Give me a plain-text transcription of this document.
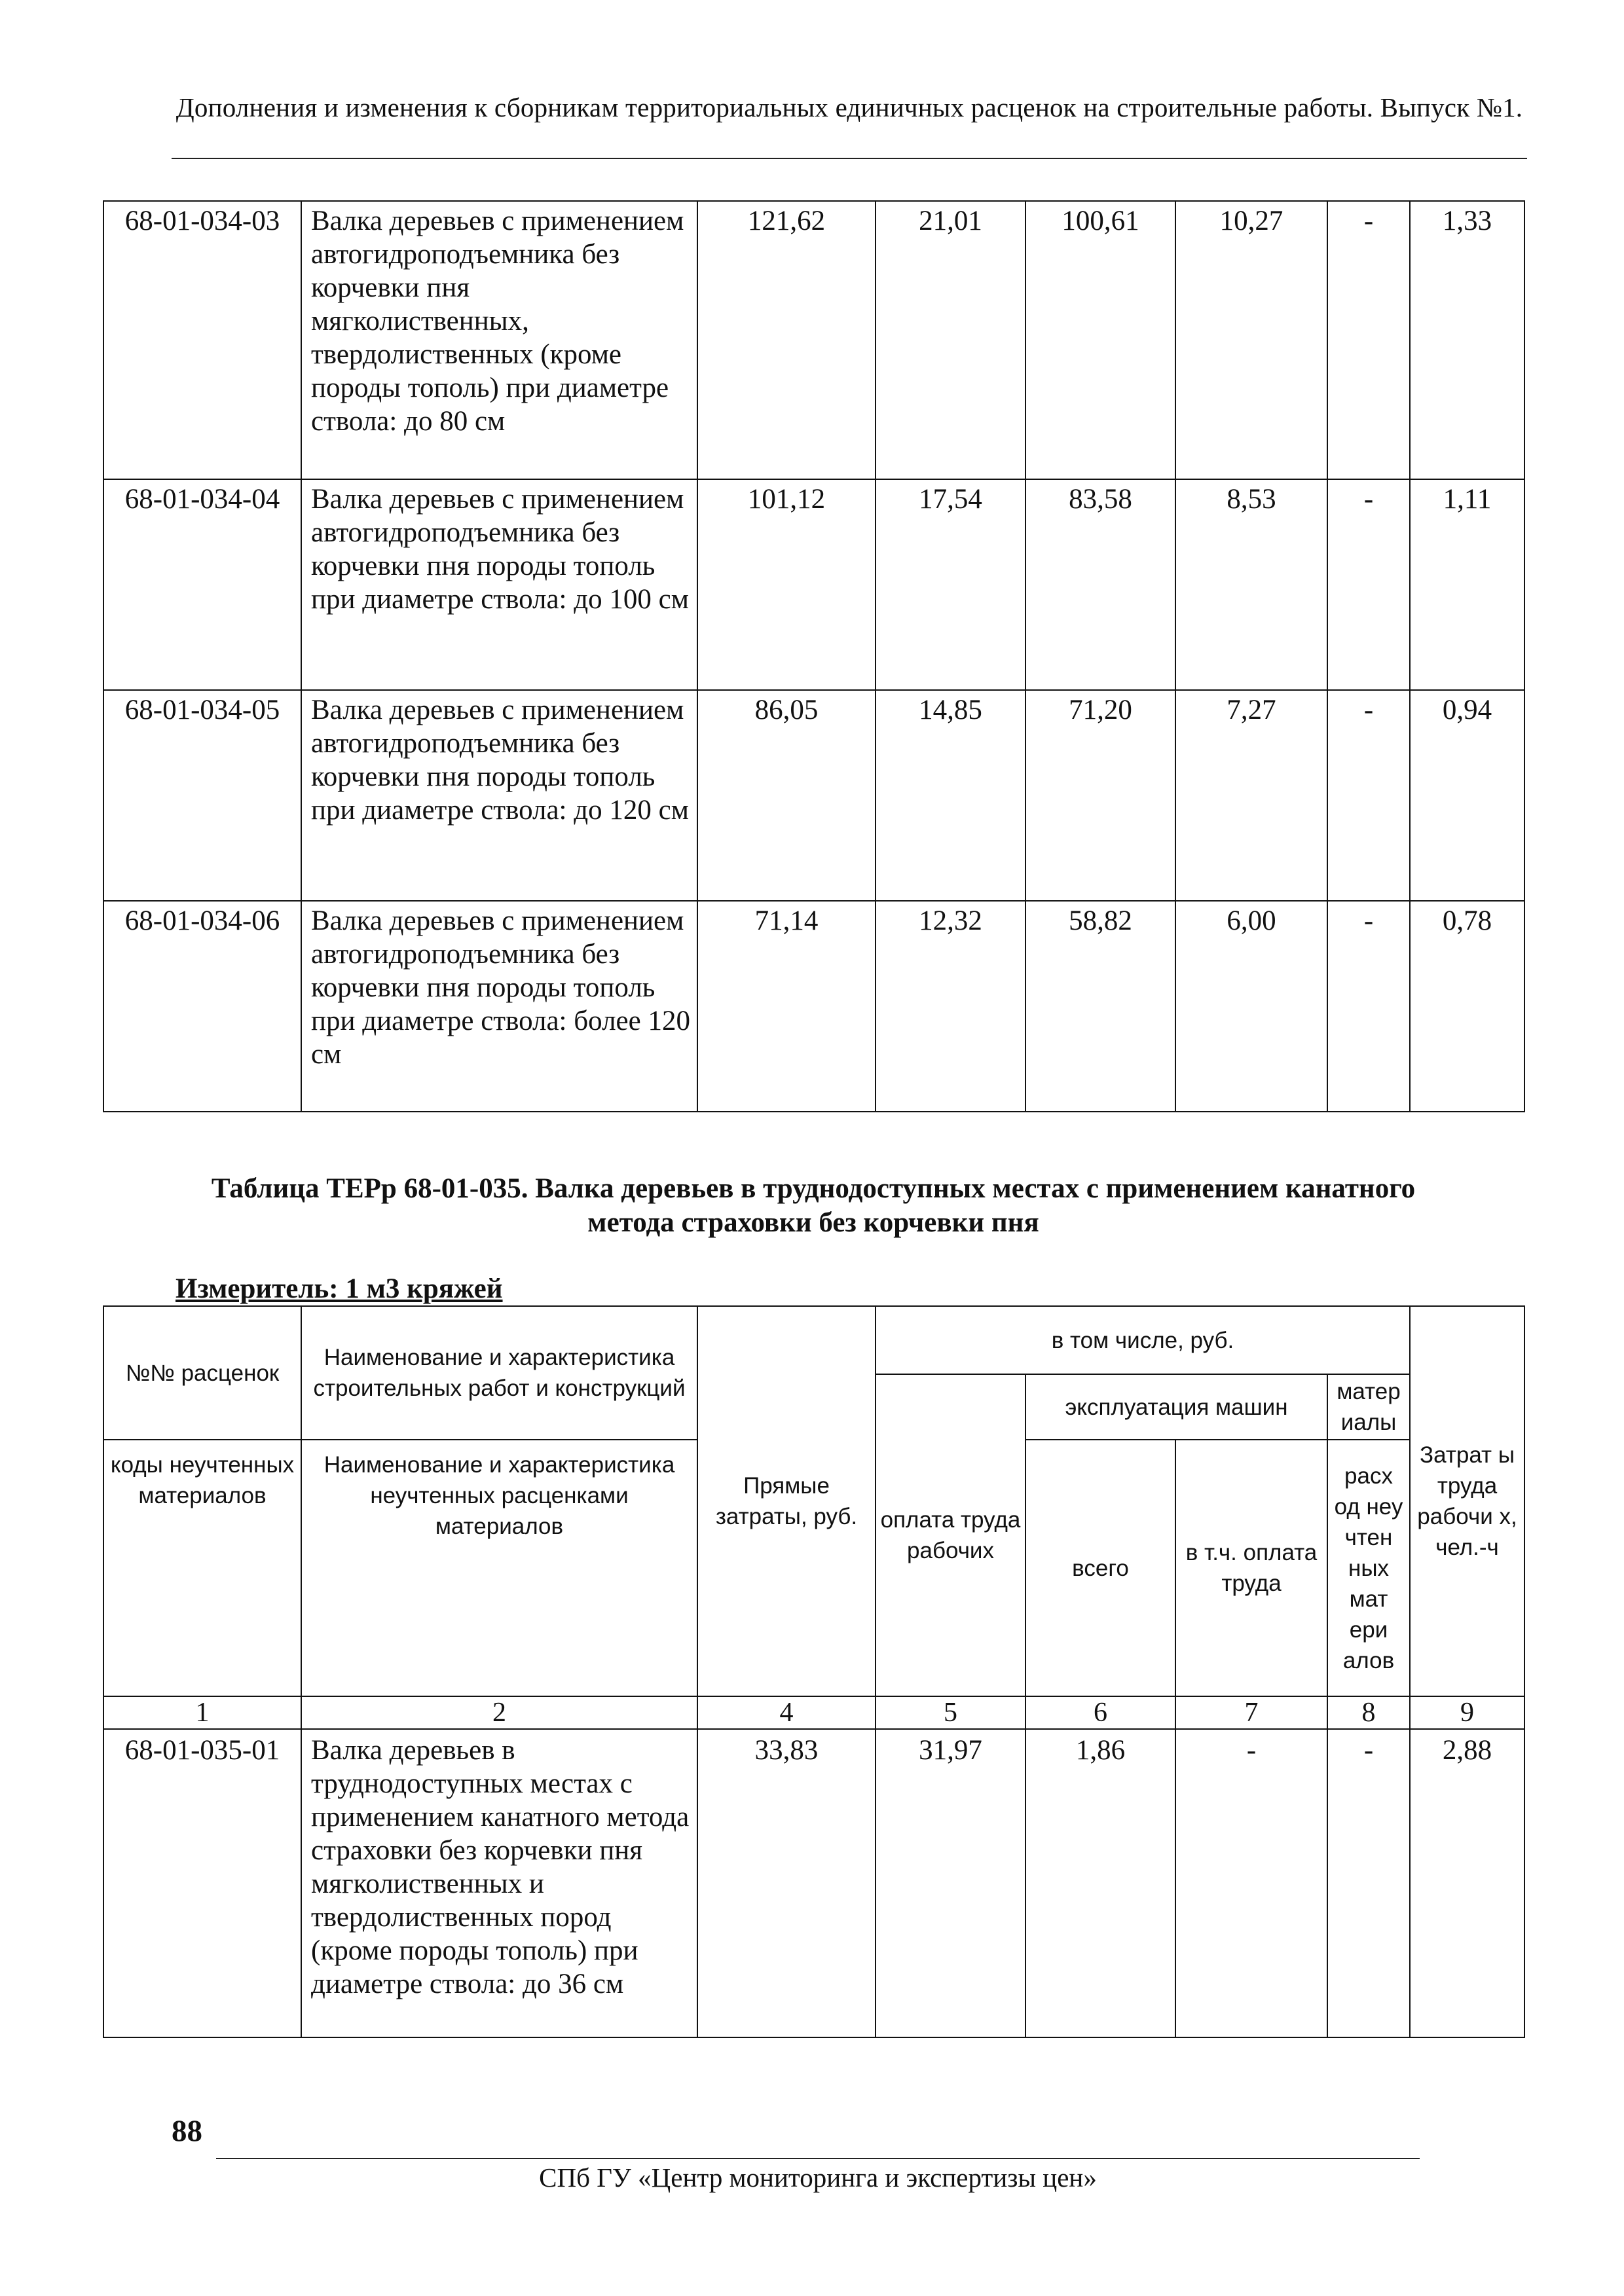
Дополнения и изменения к сборникам территориальных единичных расценок на строительные работы. Выпуск №1.
68-01-034-03	Валка деревьев с применением автогидроподъемника без корчевки пня мягколиственных, твердолиственных (кроме породы тополь) при диаметре ствола: до 80 см	121,62	21,01	100,61	10,27	-	1,33
68-01-034-04	Валка деревьев с применением автогидроподъемника без корчевки пня породы тополь при диаметре ствола: до 100 см	101,12	17,54	83,58	8,53	-	1,11
68-01-034-05	Валка деревьев с применением автогидроподъемника без корчевки пня породы тополь при диаметре ствола: до 120 см	86,05	14,85	71,20	7,27	-	0,94
68-01-034-06	Валка деревьев с применением автогидроподъемника без корчевки пня породы тополь при диаметре ствола: более 120 см	71,14	12,32	58,82	6,00	-	0,78
Таблица ТЕРр 68-01-035. Валка деревьев в труднодоступных местах с применением канатного
метода страховки без корчевки пня
Измеритель: 1 м3 кряжей
№№ расценок	Наименование и характеристика строительных работ и конструкций	Прямые затраты, руб.	в том числе, руб.				Затрат ы труда рабочи х, чел.-ч
			оплата труда рабочих	эксплуатация машин		матер иалы	
коды неучтенных материалов	Наименование и характеристика неучтенных расценками материалов			всего	в т.ч. оплата труда	расх од неу чтен ных мат ери алов	

1	2	4	5	6	7	8	9
68-01-035-01	Валка деревьев в труднодоступных местах с применением канатного метода страховки без корчевки пня мягколиственных и твердолиственных пород (кроме породы тополь) при диаметре ствола: до 36 см	33,83	31,97	1,86	-	-	2,88
88
СПб ГУ «Центр мониторинга и экспертизы цен»
